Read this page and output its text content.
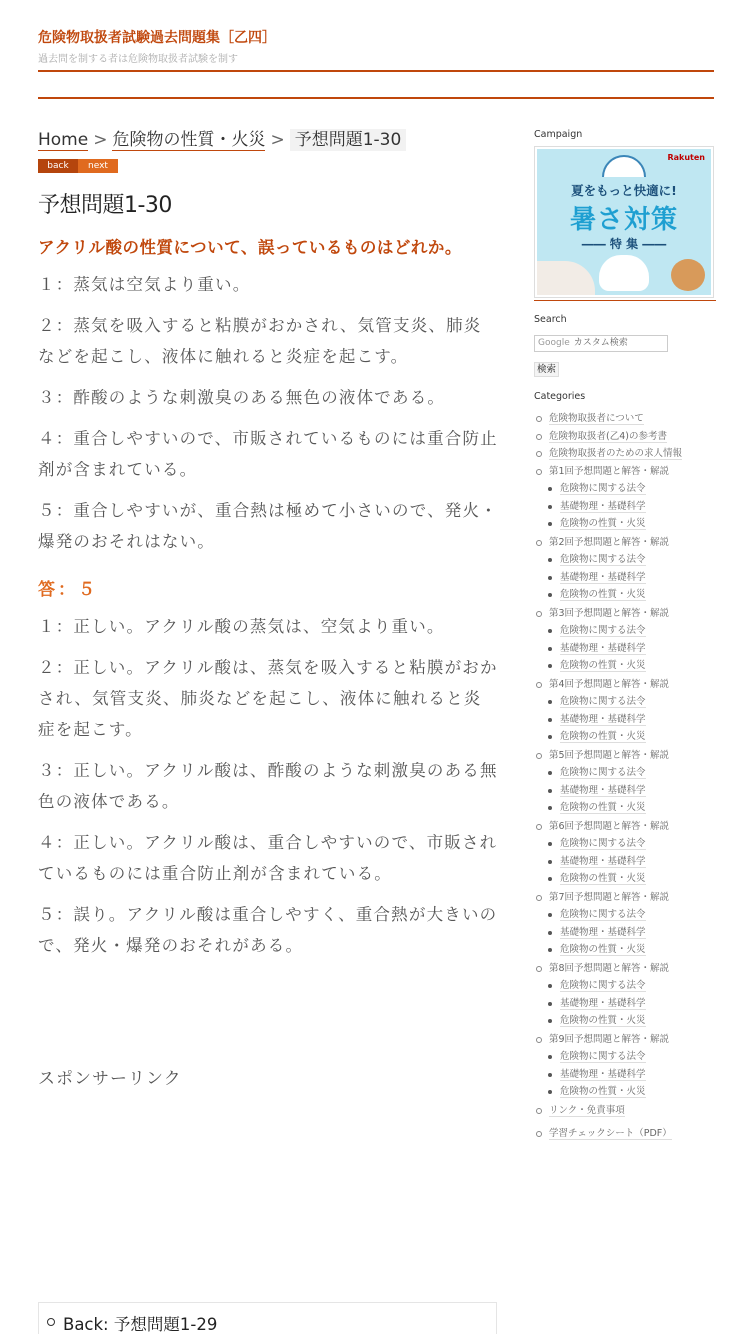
危険物取扱者試験過去問題集［乙四］
過去問を制する者は危険物取扱者試験を制す
Home > 危険物の性質・火災 > 予想問題1-30
back	next
予想問題1-30
アクリル酸の性質について、誤っているものはどれか。
１：蒸気は空気より重い。
２：蒸気を吸入すると粘膜がおかされ、気管支炎、肺炎などを起こし、液体に触れると炎症を起こす。
３：酢酸のような刺激臭のある無色の液体である。
４：重合しやすいので、市販されているものには重合防止剤が含まれている。
５：重合しやすいが、重合熱は極めて小さいので、発火・爆発のおそれはない。
答：５
１：正しい。アクリル酸の蒸気は、空気より重い。
２：正しい。アクリル酸は、蒸気を吸入すると粘膜がおかされ、気管支炎、肺炎などを起こし、液体に触れると炎症を起こす。
３：正しい。アクリル酸は、酢酸のような刺激臭のある無色の液体である。
４：正しい。アクリル酸は、重合しやすいので、市販されているものには重合防止剤が含まれている。
５：誤り。アクリル酸は重合しやすく、重合熱が大きいので、発火・爆発のおそれがある。
スポンサーリンク
Back: 予想問題1-29
Campaign
Rakuten
夏をもっと快適に!
暑さ対策
―― 特 集 ――
Search
Google カスタム検索
検索
Categories
危険物取扱者について
危険物取扱者(乙4)の参考書
危険物取扱者のための求人情報
第1回予想問題と解答・解説
危険物に関する法令
基礎物理・基礎科学
危険物の性質・火災
第2回予想問題と解答・解説
危険物に関する法令
基礎物理・基礎科学
危険物の性質・火災
第3回予想問題と解答・解説
危険物に関する法令
基礎物理・基礎科学
危険物の性質・火災
第4回予想問題と解答・解説
危険物に関する法令
基礎物理・基礎科学
危険物の性質・火災
第5回予想問題と解答・解説
危険物に関する法令
基礎物理・基礎科学
危険物の性質・火災
第6回予想問題と解答・解説
危険物に関する法令
基礎物理・基礎科学
危険物の性質・火災
第7回予想問題と解答・解説
危険物に関する法令
基礎物理・基礎科学
危険物の性質・火災
第8回予想問題と解答・解説
危険物に関する法令
基礎物理・基礎科学
危険物の性質・火災
第9回予想問題と解答・解説
危険物に関する法令
基礎物理・基礎科学
危険物の性質・火災
リンク・免責事項
学習チェックシート（PDF）
